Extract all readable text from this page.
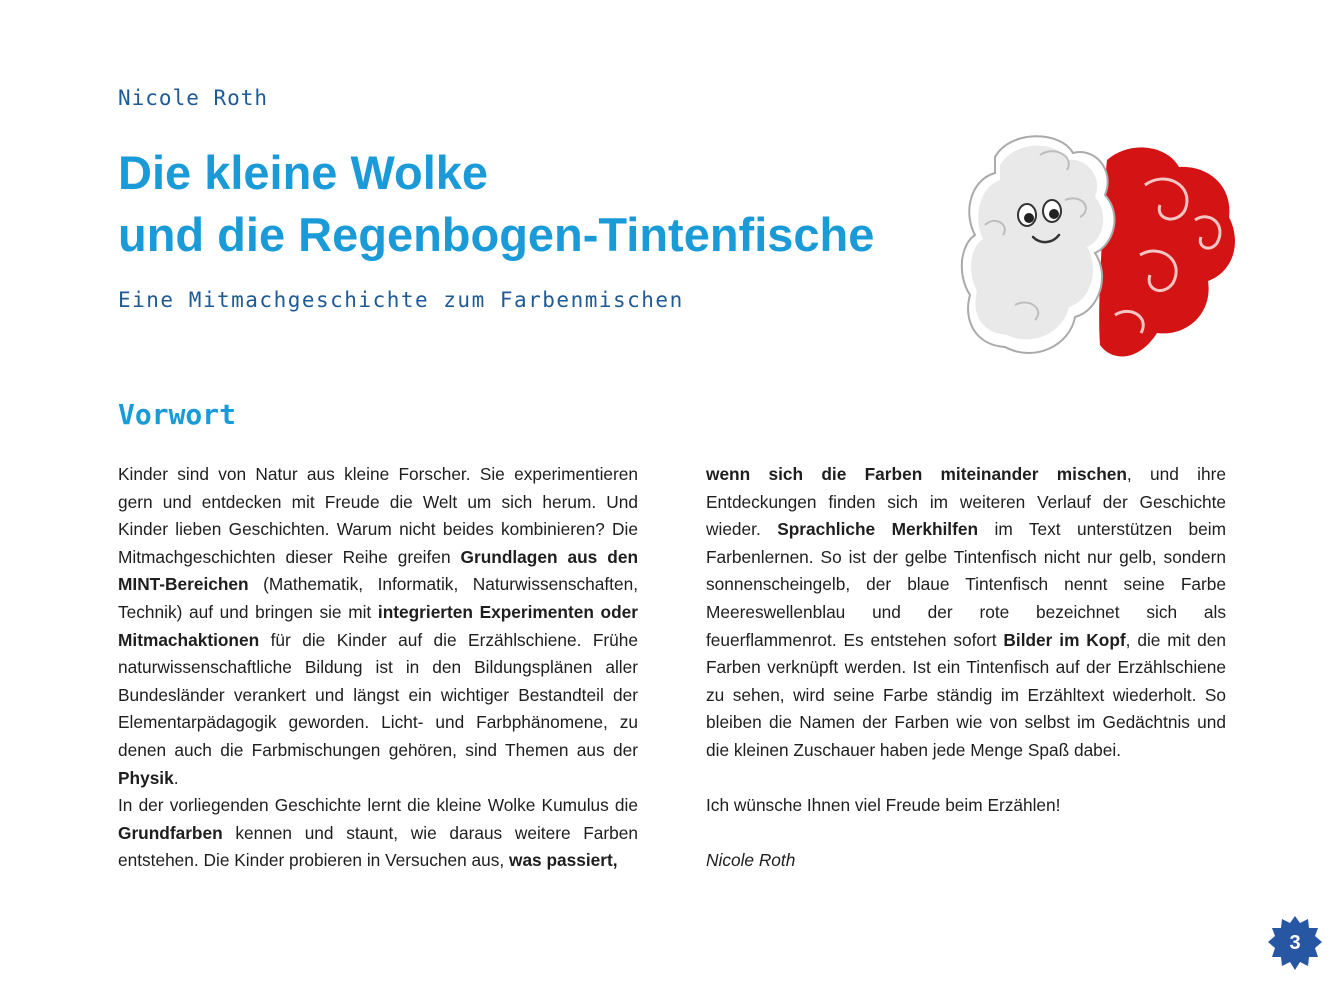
Nicole Roth
Die kleine Wolke
und die Regenbogen-Tintenfische
Eine Mitmachgeschichte zum Farbenmischen
Vorwort

Kinder sind von Natur aus kleine Forscher. Sie experimentieren gern und entdecken mit Freude die Welt um sich herum. Und Kinder lieben Geschichten. Warum nicht beides kombinieren? Die Mitmachgeschichten dieser Reihe greifen Grundlagen aus den MINT-Bereichen (Mathematik, Informatik, Naturwissenschaften, Technik) auf und bringen sie mit integrierten Experimenten oder Mitmachaktionen für die Kinder auf die Erzählschiene. Frühe naturwissenschaftliche Bildung ist in den Bildungsplänen aller Bundesländer verankert und längst ein wichtiger Bestandteil der Elementarpädagogik geworden. Licht- und Farbphänomene, zu denen auch die Farbmischungen gehören, sind Themen aus der Physik.

In der vorliegenden Geschichte lernt die kleine Wolke Kumulus die Grundfarben kennen und staunt, wie daraus weitere Farben entstehen. Die Kinder probieren in Versuchen aus, was passiert,

wenn sich die Farben miteinander mischen, und ihre Entdeckungen finden sich im weiteren Verlauf der Geschichte wieder. Sprachliche Merkhilfen im Text unterstützen beim Farbenlernen. So ist der gelbe Tintenfisch nicht nur gelb, sondern sonnenscheingelb, der blaue Tintenfisch nennt seine Farbe Meereswellenblau und der rote bezeichnet sich als feuerflammenrot. Es entstehen sofort Bilder im Kopf, die mit den Farben verknüpft werden. Ist ein Tintenfisch auf der Erzählschiene zu sehen, wird seine Farbe ständig im Erzähltext wiederholt. So bleiben die Namen der Farben wie von selbst im Gedächtnis und die kleinen Zuschauer haben jede Menge Spaß dabei.

Ich wünsche Ihnen viel Freude beim Erzählen!

Nicole Roth

3
